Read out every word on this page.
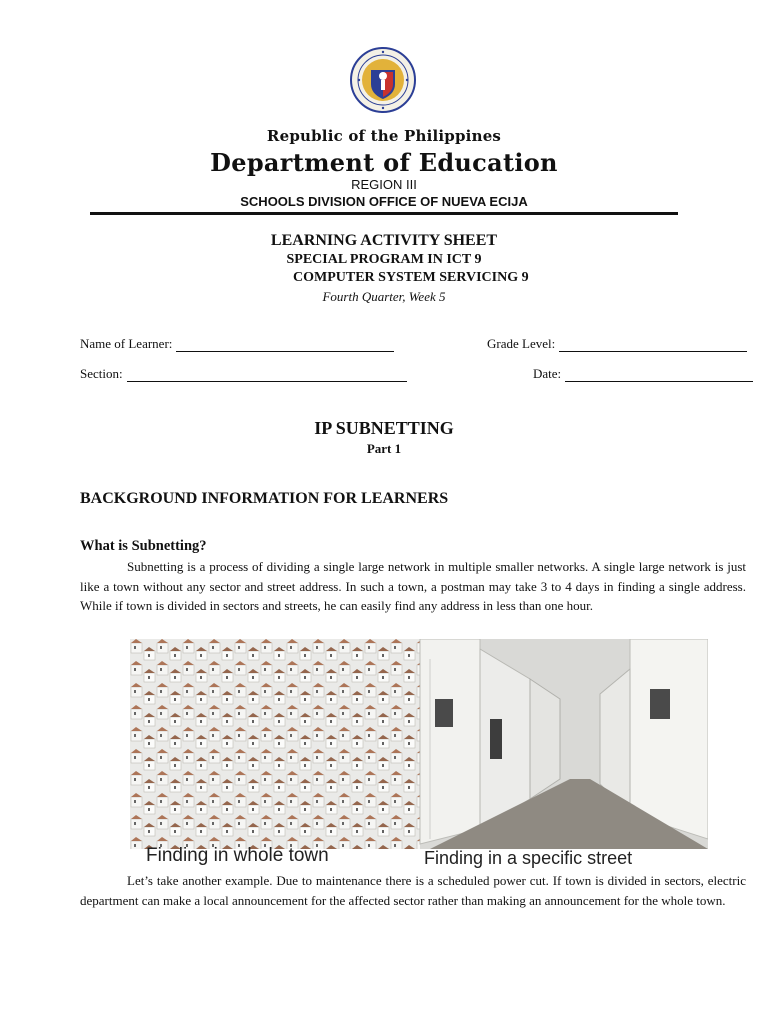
Republic of the Philippines
Department of Education
REGION III
SCHOOLS DIVISION OFFICE OF NUEVA ECIJA
LEARNING ACTIVITY SHEET
SPECIAL PROGRAM IN ICT 9
COMPUTER SYSTEM SERVICING 9
Fourth Quarter, Week 5
Name of Learner:	Grade Level:
Section:	Date:
IP SUBNETTING
Part 1
BACKGROUND INFORMATION FOR LEARNERS
What is Subnetting?
Subnetting is a process of dividing a single large network in multiple smaller networks. A single large network is just like a town without any sector and street address. In such a town, a postman may take 3 to 4 days in finding a single address. While if town is divided in sectors and streets, he can easily find any address in less than one hour.
Finding in whole town	Finding in a specific street
Let’s take another example. Due to maintenance there is a scheduled power cut. If town is divided in sectors, electric department can make a local announcement for the affected sector rather than making an announcement for the whole town.
